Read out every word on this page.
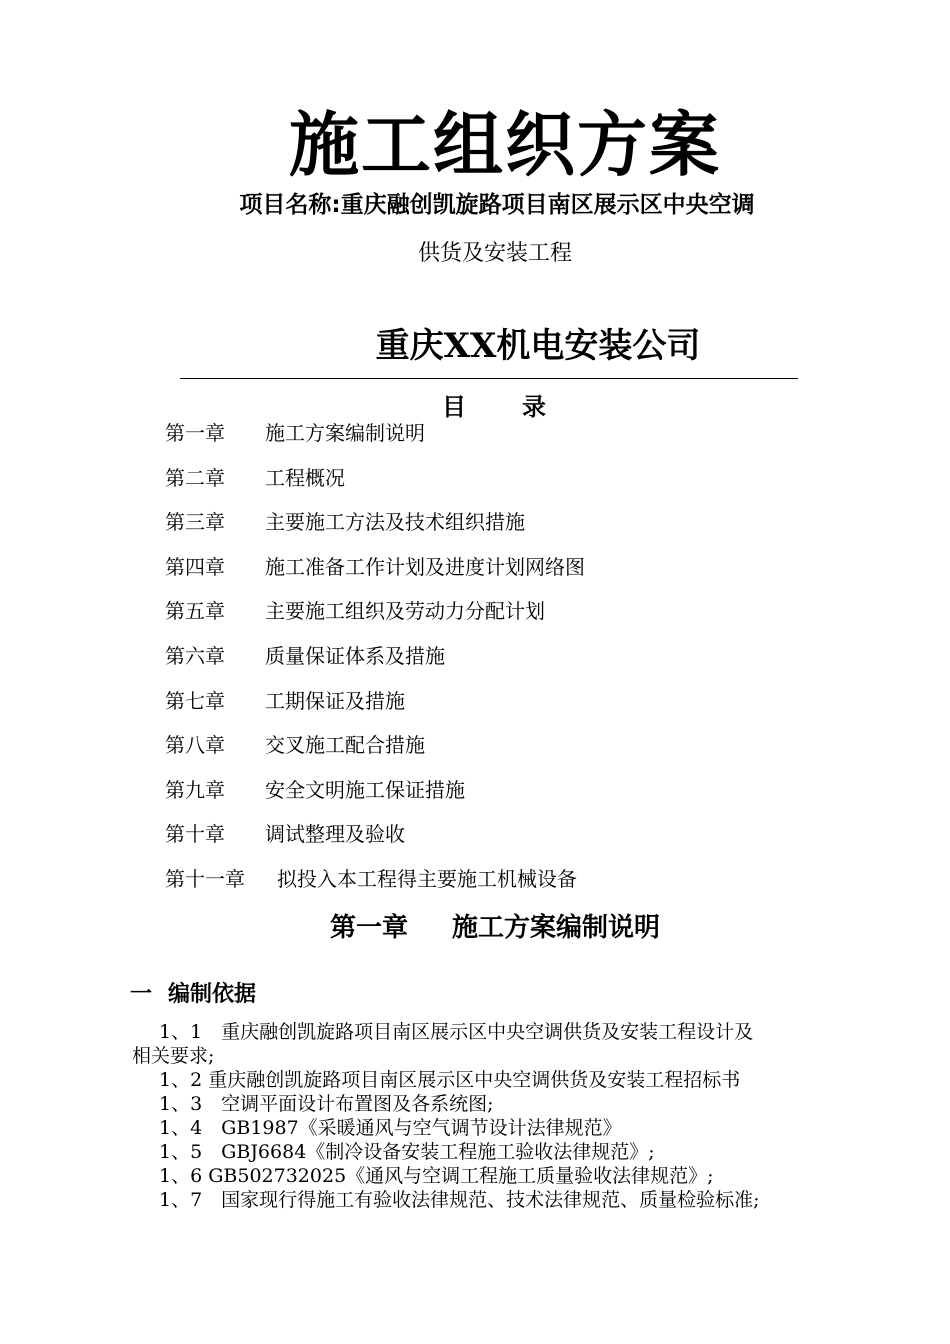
施工组织方案
项目名称:重庆融创凯旋路项目南区展示区中央空调
供货及安装工程
重庆XX机电安装公司
目 录
第一章 施工方案编制说明
第二章 工程概况
第三章 主要施工方法及技术组织措施
第四章 施工准备工作计划及进度计划网络图
第五章 主要施工组织及劳动力分配计划
第六章 质量保证体系及措施
第七章 工期保证及措施
第八章 交叉施工配合措施
第九章 安全文明施工保证措施
第十章 调试整理及验收
第十一章 拟投入本工程得主要施工机械设备
第一章 施工方案编制说明
一 编制依据
1、1　重庆融创凯旋路项目南区展示区中央空调供货及安装工程设计及
相关要求;
1、2 重庆融创凯旋路项目南区展示区中央空调供货及安装工程招标书
1、3　空调平面设计布置图及各系统图;
1、4　GB1987《采暖通风与空气调节设计法律规范》
1、5　GBJ6684《制冷设备安装工程施工验收法律规范》;
1、6 GB502732025《通风与空调工程施工质量验收法律规范》;
1、7　国家现行得施工有验收法律规范、技术法律规范、质量检验标准;
